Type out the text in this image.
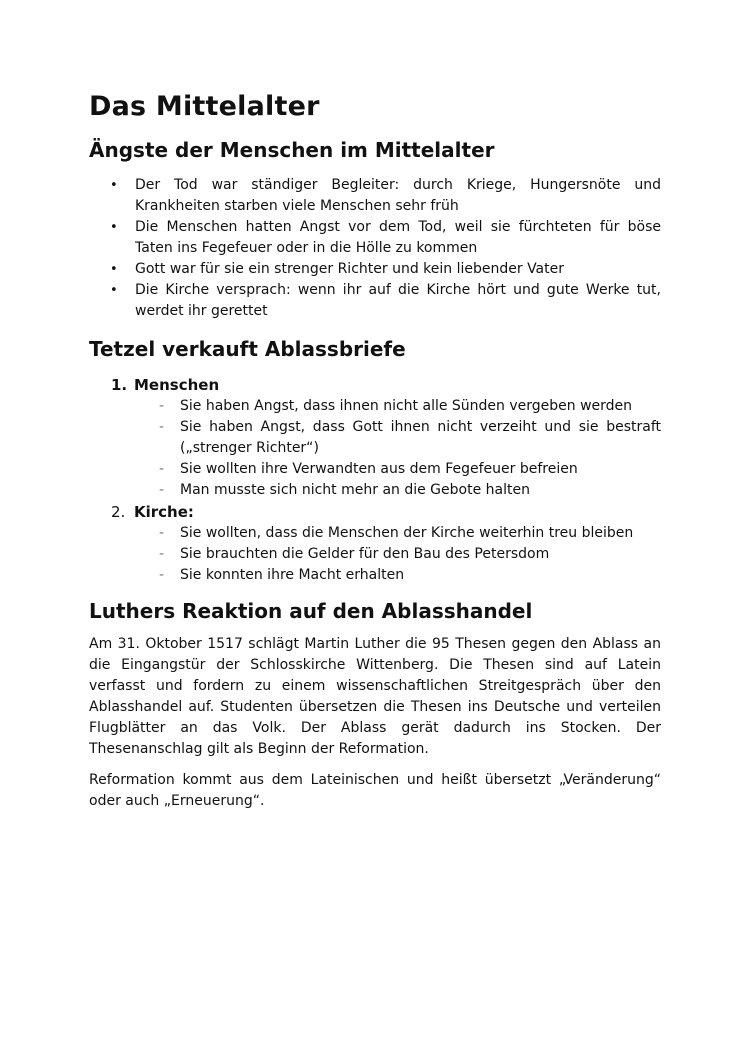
Das Mittelalter
Ängste der Menschen im Mittelalter
• Der Tod war ständiger Begleiter: durch Kriege, Hungersnöte und Krankheiten starben viele Menschen sehr früh
• Die Menschen hatten Angst vor dem Tod, weil sie fürchteten für böse Taten ins Fegefeuer oder in die Hölle zu kommen
• Gott war für sie ein strenger Richter und kein liebender Vater
• Die Kirche versprach: wenn ihr auf die Kirche hört und gute Werke tut, werdet ihr gerettet
Tetzel verkauft Ablassbriefe
1. Menschen
- Sie haben Angst, dass ihnen nicht alle Sünden vergeben werden
- Sie haben Angst, dass Gott ihnen nicht verzeiht und sie bestraft („strenger Richter“)
- Sie wollten ihre Verwandten aus dem Fegefeuer befreien
- Man musste sich nicht mehr an die Gebote halten
2. Kirche:
- Sie wollten, dass die Menschen der Kirche weiterhin treu bleiben
- Sie brauchten die Gelder für den Bau des Petersdom
- Sie konnten ihre Macht erhalten
Luthers Reaktion auf den Ablasshandel

Am 31. Oktober 1517 schlägt Martin Luther die 95 Thesen gegen den Ablass an die Eingangstür der Schlosskirche Wittenberg. Die Thesen sind auf Latein verfasst und fordern zu einem wissenschaftlichen Streitgespräch über den Ablasshandel auf. Studenten übersetzen die Thesen ins Deutsche und verteilen Flugblätter an das Volk. Der Ablass gerät dadurch ins Stocken. Der Thesenanschlag gilt als Beginn der Reformation.

Reformation kommt aus dem Lateinischen und heißt übersetzt „Veränderung“ oder auch „Erneuerung“.
